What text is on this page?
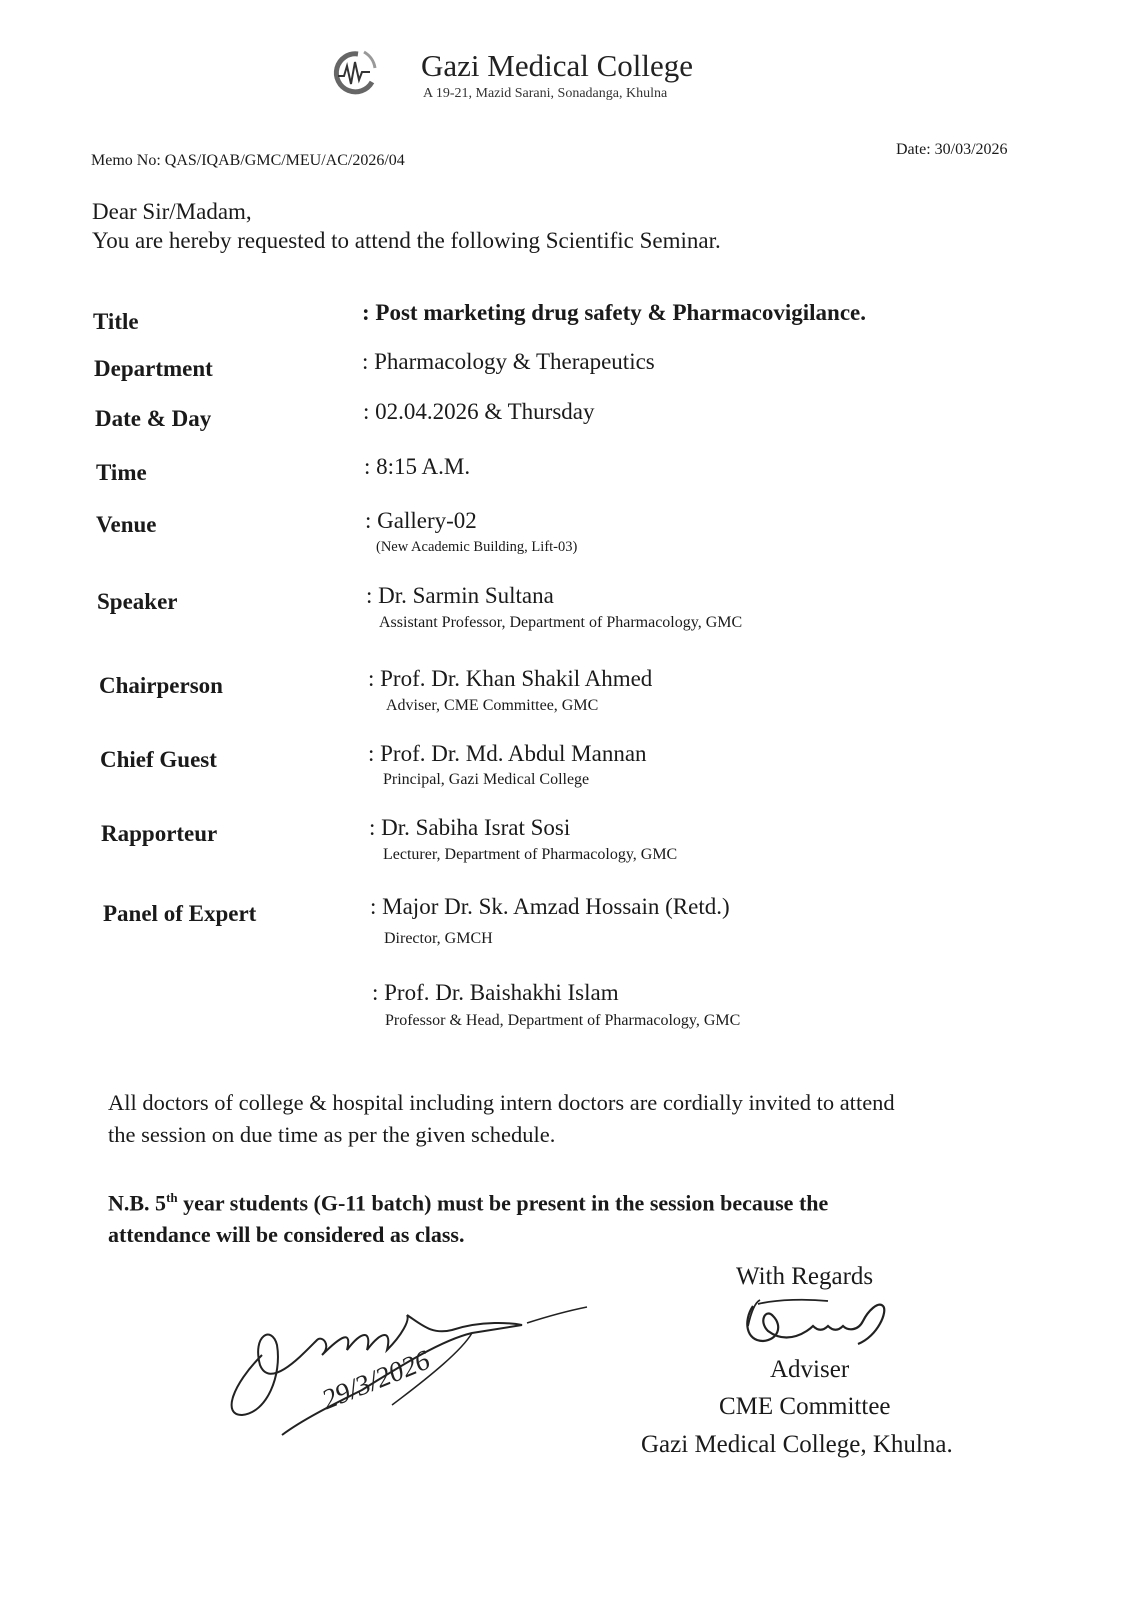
Gazi Medical College
A 19-21, Mazid Sarani, Sonadanga, Khulna
Memo No: QAS/IQAB/GMC/MEU/AC/2026/04
Date: 30/03/2026
Dear Sir/Madam,
You are hereby requested to attend the following Scientific Seminar.
Title	: Post marketing drug safety & Pharmacovigilance.
Department	: Pharmacology & Therapeutics
Date & Day	: 02.04.2026 & Thursday
Time	: 8:15 A.M.
Venue	: Gallery-02
(New Academic Building, Lift-03)
Speaker	: Dr. Sarmin Sultana
Assistant Professor, Department of Pharmacology, GMC
Chairperson	: Prof. Dr. Khan Shakil Ahmed
Adviser, CME Committee, GMC
Chief Guest	: Prof. Dr. Md. Abdul Mannan
Principal, Gazi Medical College
Rapporteur	: Dr. Sabiha Israt Sosi
Lecturer, Department of Pharmacology, GMC
Panel of Expert	: Major Dr. Sk. Amzad Hossain (Retd.)
Director, GMCH
: Prof. Dr. Baishakhi Islam
Professor & Head, Department of Pharmacology, GMC
All doctors of college & hospital including intern doctors are cordially invited to attend
the session on due time as per the given schedule.
N.B. 5th year students (G-11 batch) must be present in the session because the
attendance will be considered as class.
29/3/2026
With Regards
Adviser
CME Committee
Gazi Medical College, Khulna.
